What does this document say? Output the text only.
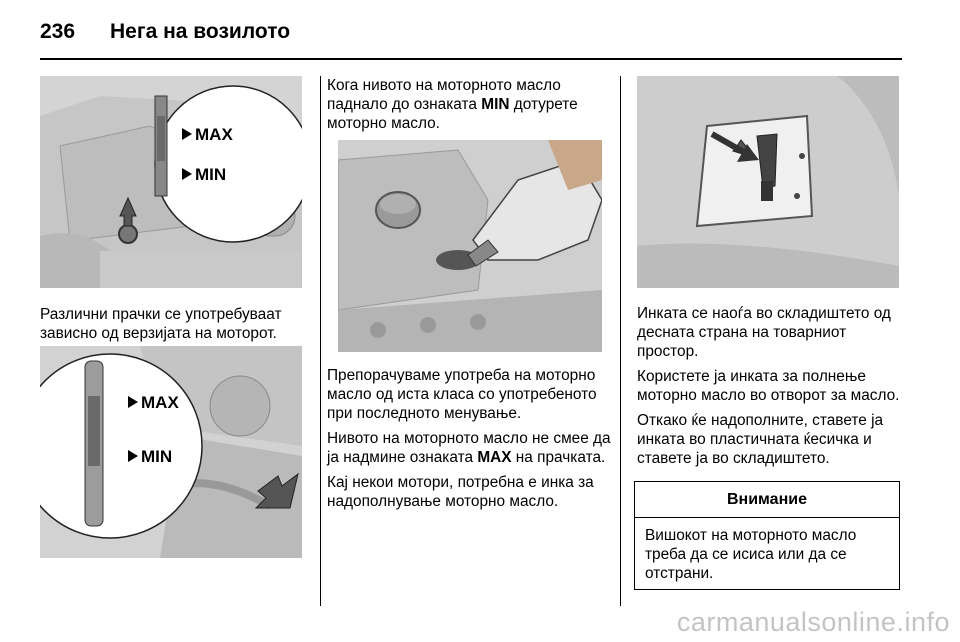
236	Нега на возилото
MAX
MIN

Различни прачки се употребуваат зависно од верзијата на моторот.

MAX
MIN

Кога нивото на моторното масло паднало до ознаката MIN дотурете моторно масло.

Препорачуваме употреба на моторно масло од иста класа со употребеното при последното менување.

Нивото на моторното масло не смее да ја надмине ознаката MAX на прачката.

Кај некои мотори, потребна е инка за надополнување моторно масло.

Инката се наоѓа во складиштето од десната страна на товарниот простор.

Користете ја инката за полнење моторно масло во отворот за масло.

Откако ќе надополните, ставете ја инката во пластичната ќесичка и ставете ја во складиштето.

Внимание
Вишокот на моторното масло треба да се исиса или да се отстрани.
carmanualsonline.info
